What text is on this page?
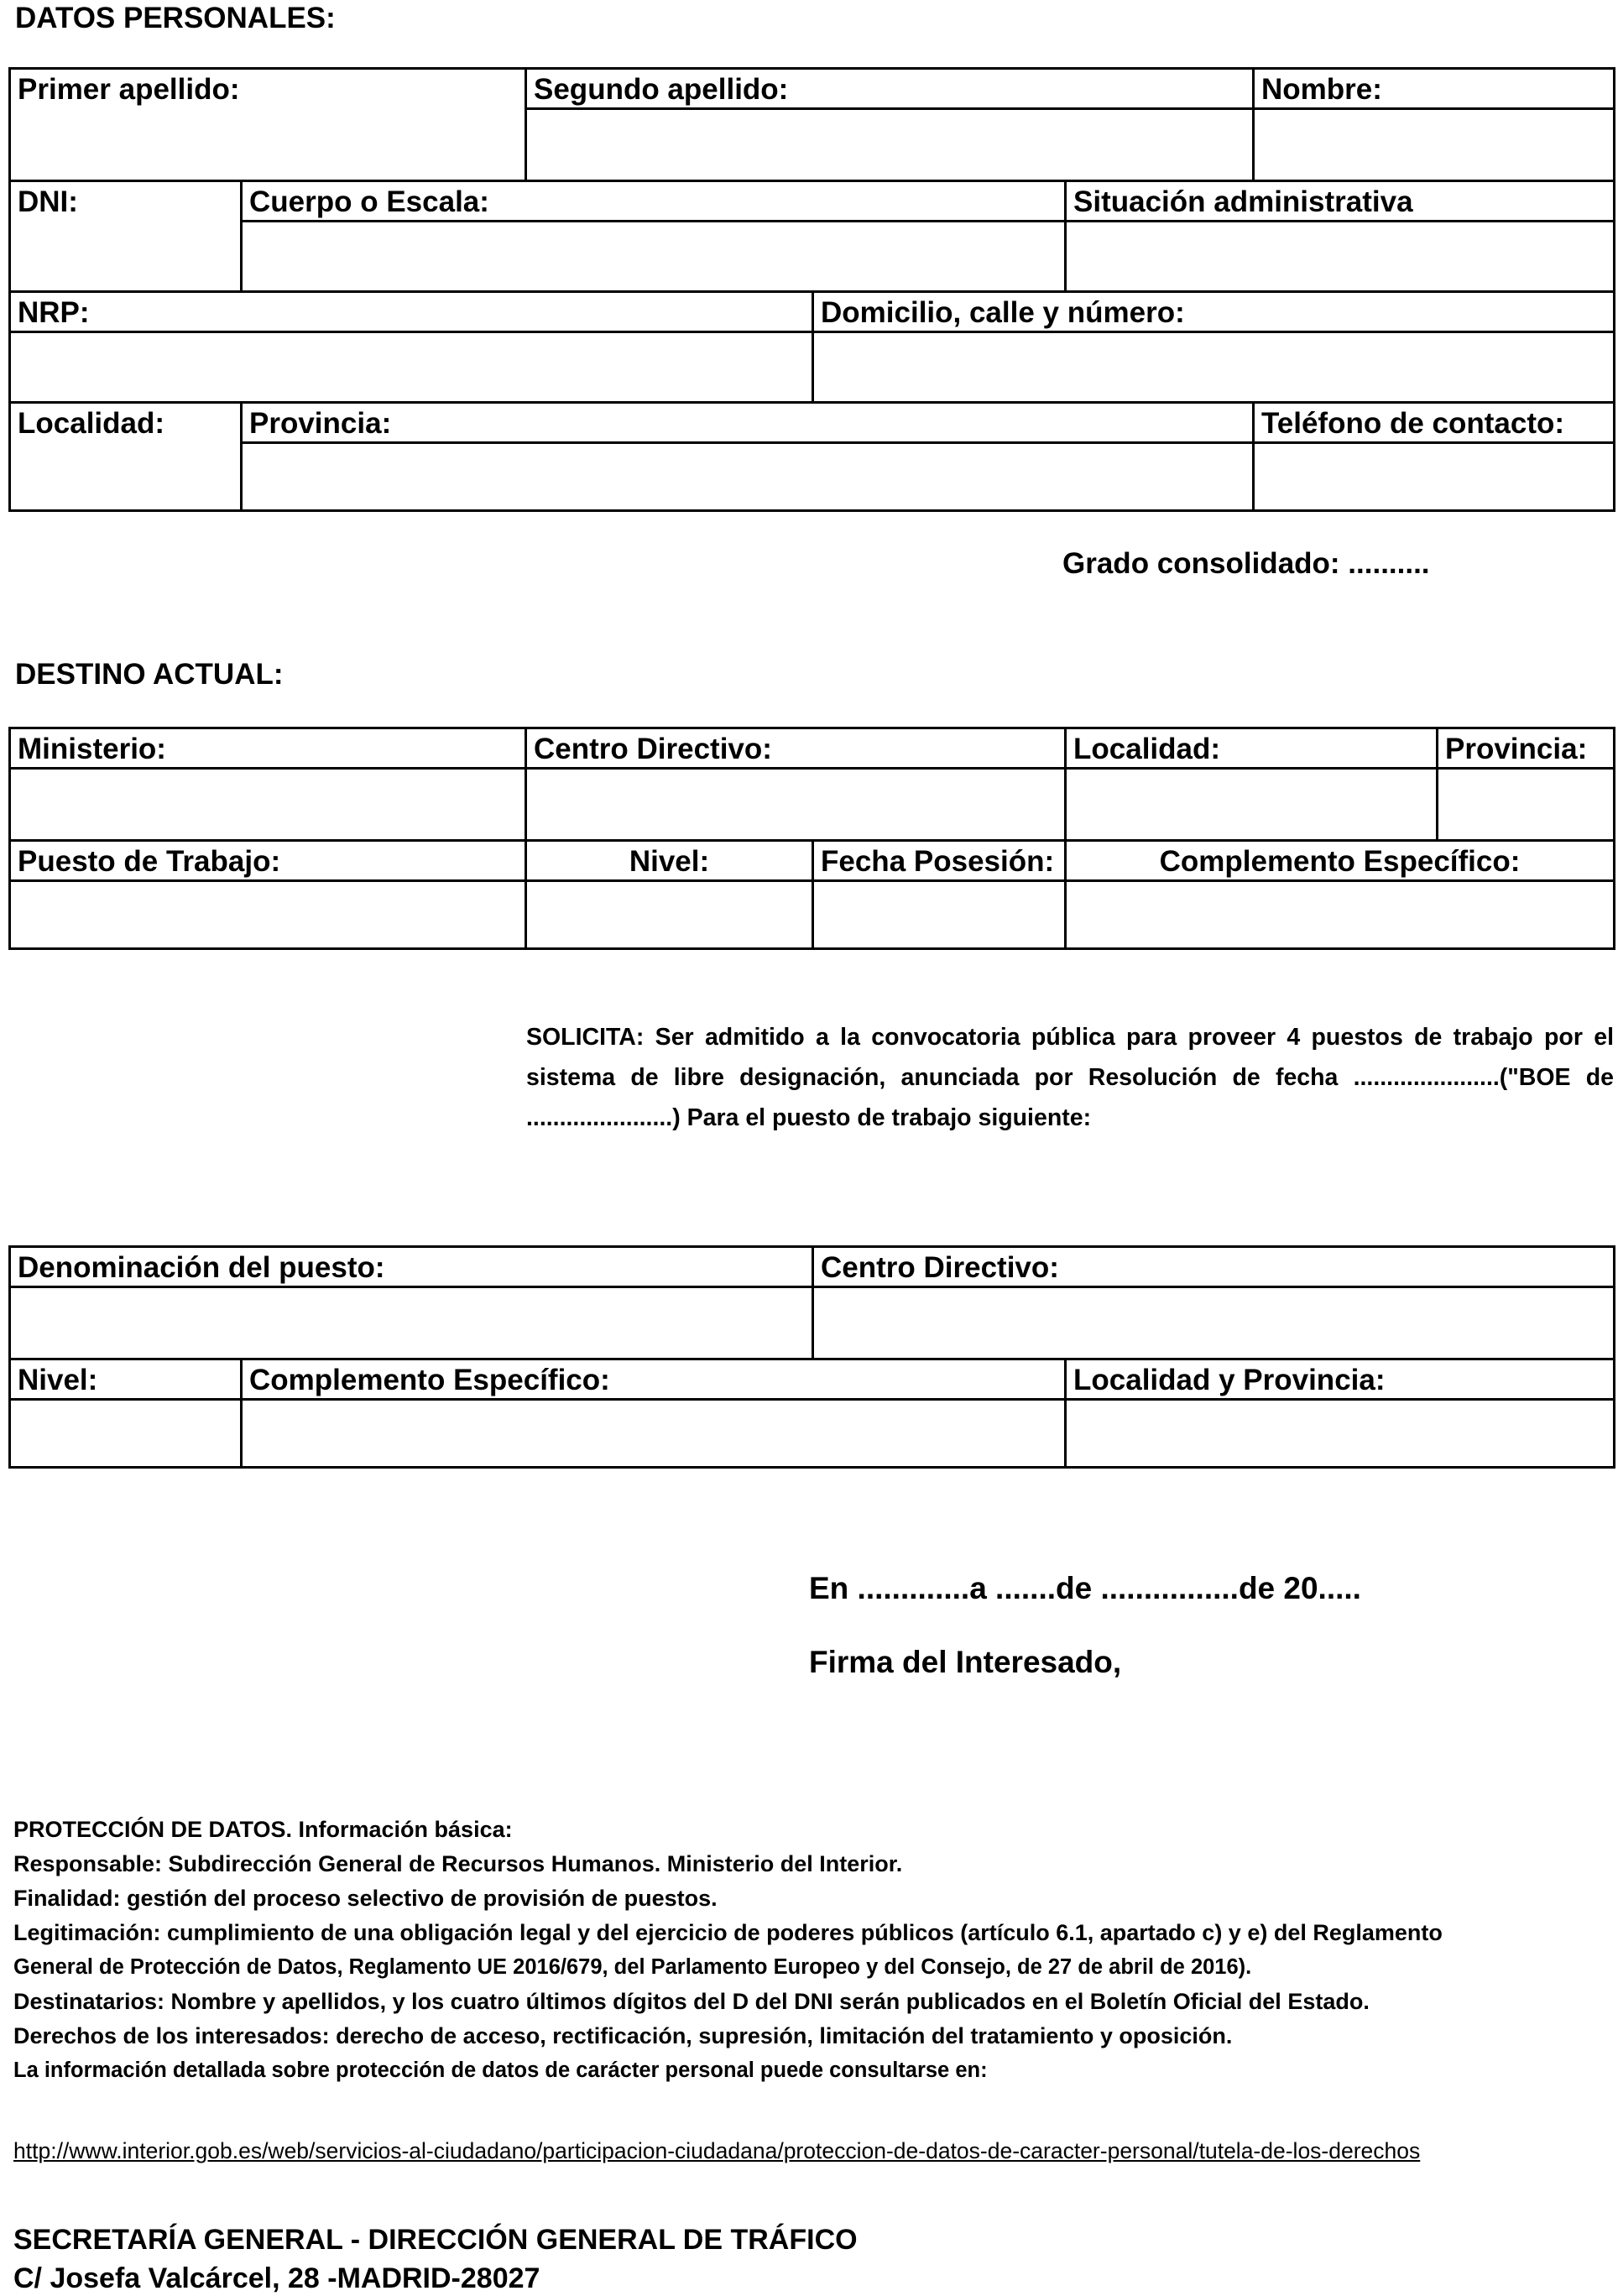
DATOS PERSONALES:
Primer apellido:	Segundo apellido:	Nombre:
DNI:	Cuerpo o Escala:	Situación administrativa
NRP:	Domicilio, calle y número:
Localidad:	Provincia:	Teléfono de contacto:
Grado consolidado: ..........
DESTINO ACTUAL:
Ministerio:	Centro Directivo:	Localidad:	Provincia:
Puesto de Trabajo:	Nivel:	Fecha Posesión:	Complemento Específico:
SOLICITA: Ser admitido a la convocatoria pública para proveer 4 puestos de trabajo por el sistema de libre designación, anunciada por Resolución de fecha ......................("BOE de ......................) Para el puesto de trabajo siguiente:
Denominación del puesto:	Centro Directivo:
Nivel:	Complemento Específico:	Localidad y Provincia:
En .............a .......de ................de 20.....
Firma del Interesado,
PROTECCIÓN DE DATOS. Información básica:
Responsable: Subdirección General de Recursos Humanos. Ministerio del Interior.
Finalidad: gestión del proceso selectivo de provisión de puestos.
Legitimación: cumplimiento de una obligación legal y del ejercicio de poderes públicos (artículo 6.1, apartado c) y e) del Reglamento
General de Protección de Datos, Reglamento UE 2016/679, del Parlamento Europeo y del Consejo, de 27 de abril de 2016).
Destinatarios: Nombre y apellidos, y los cuatro últimos dígitos del D del DNI serán publicados en el Boletín Oficial del Estado.
Derechos de los interesados: derecho de acceso, rectificación, supresión, limitación del tratamiento y oposición.
La información detallada sobre protección de datos de carácter personal puede consultarse en:
http://www.interior.gob.es/web/servicios-al-ciudadano/participacion-ciudadana/proteccion-de-datos-de-caracter-personal/tutela-de-los-derechos
SECRETARÍA GENERAL - DIRECCIÓN GENERAL DE TRÁFICO
C/ Josefa Valcárcel, 28 -MADRID-28027
